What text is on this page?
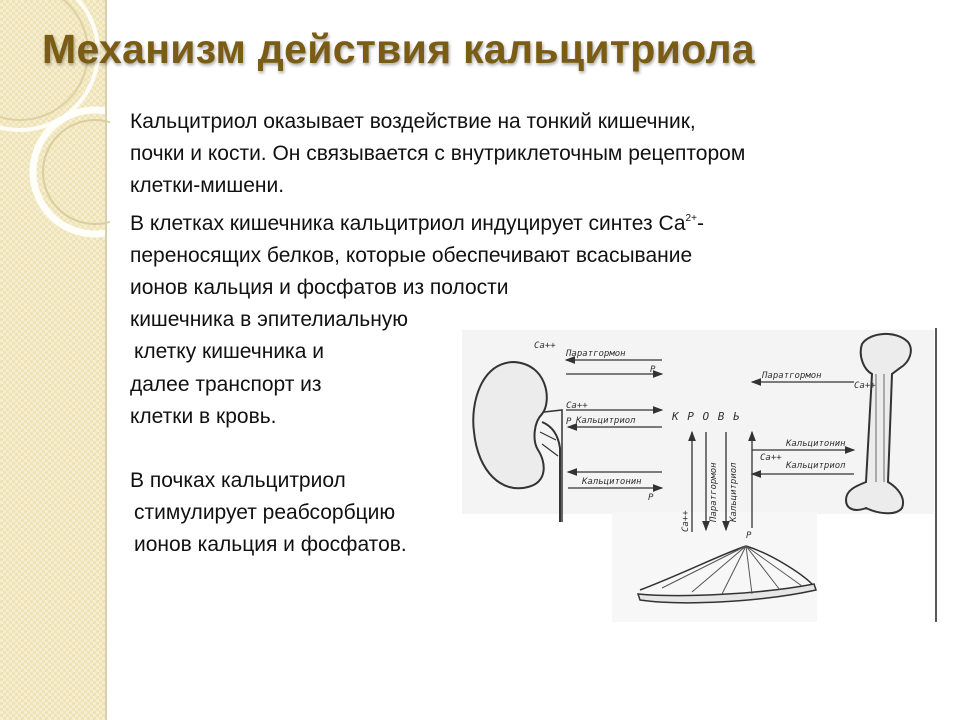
Механизм действия кальцитриола
Кальцитриол оказывает воздействие на тонкий кишечник,
почки и кости. Он связывается с внутриклеточным рецептором
клетки-мишени.
В клетках кишечника кальцитриол индуцирует синтез $Са^{2+}-$
переносящих белков, которые обеспечивают всасывание
ионов кальция и фосфатов из полости
кишечника в эпителиальную
клетку кишечника и
далее транспорт из
клетки в кровь.
В почках кальцитриол
стимулирует реабсорбцию
ионов кальция и фосфатов.
Ca++
Паратгормон
P
Ca++
P Кальцитриол
Кальцитонин
P
К Р О В Ь
Паратгормон
Ca++
Кальцитонин
Ca++
Кальцитриол
Ca++ Паратгормон Кальцитриол
P
